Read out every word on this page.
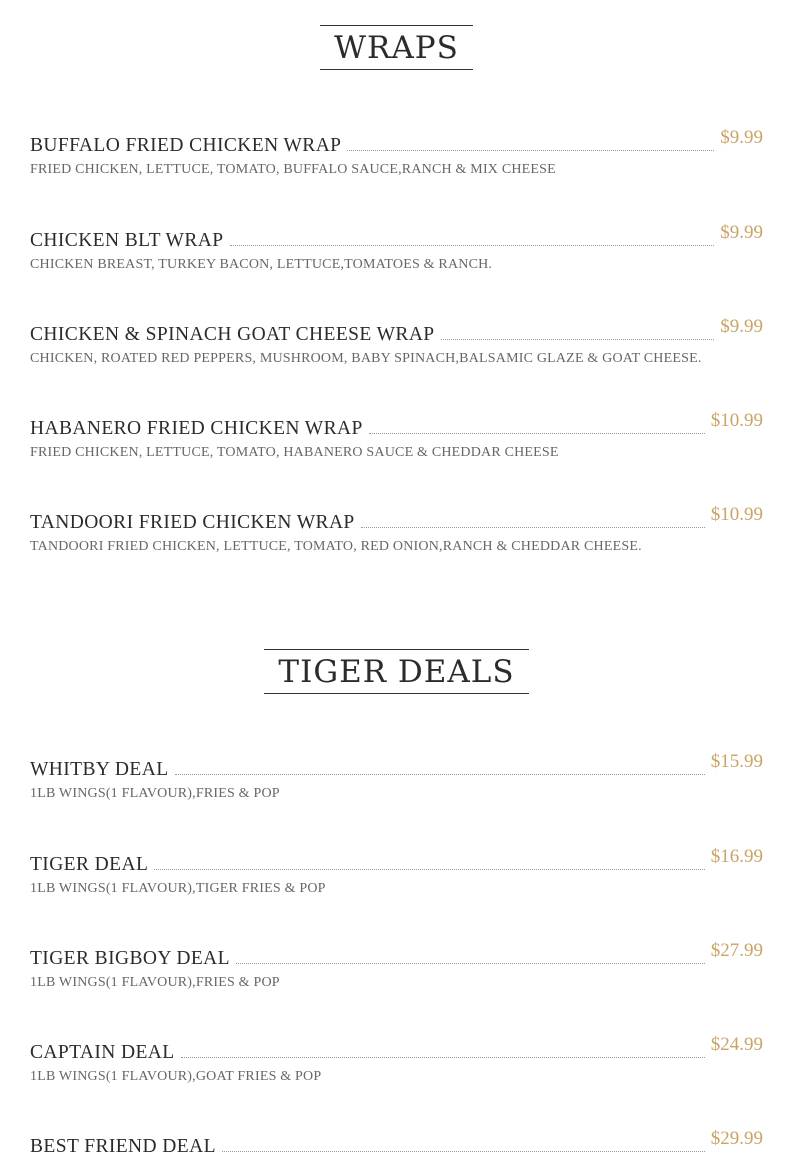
WRAPS
BUFFALO FRIED CHICKEN WRAP	$9.99
FRIED CHICKEN, LETTUCE, TOMATO, BUFFALO SAUCE,RANCH & MIX CHEESE
CHICKEN BLT WRAP	$9.99
CHICKEN BREAST, TURKEY BACON, LETTUCE,TOMATOES & RANCH.
CHICKEN & SPINACH GOAT CHEESE WRAP	$9.99
CHICKEN, ROATED RED PEPPERS, MUSHROOM, BABY SPINACH,BALSAMIC GLAZE & GOAT CHEESE.
HABANERO FRIED CHICKEN WRAP	$10.99
FRIED CHICKEN, LETTUCE, TOMATO, HABANERO SAUCE & CHEDDAR CHEESE
TANDOORI FRIED CHICKEN WRAP	$10.99
TANDOORI FRIED CHICKEN, LETTUCE, TOMATO, RED ONION,RANCH & CHEDDAR CHEESE.
TIGER DEALS
WHITBY DEAL	$15.99
1LB WINGS(1 FLAVOUR),FRIES & POP
TIGER DEAL	$16.99
1LB WINGS(1 FLAVOUR),TIGER FRIES & POP
TIGER BIGBOY DEAL	$27.99
1LB WINGS(1 FLAVOUR),FRIES & POP
CAPTAIN DEAL	$24.99
1LB WINGS(1 FLAVOUR),GOAT FRIES & POP
BEST FRIEND DEAL	$29.99
